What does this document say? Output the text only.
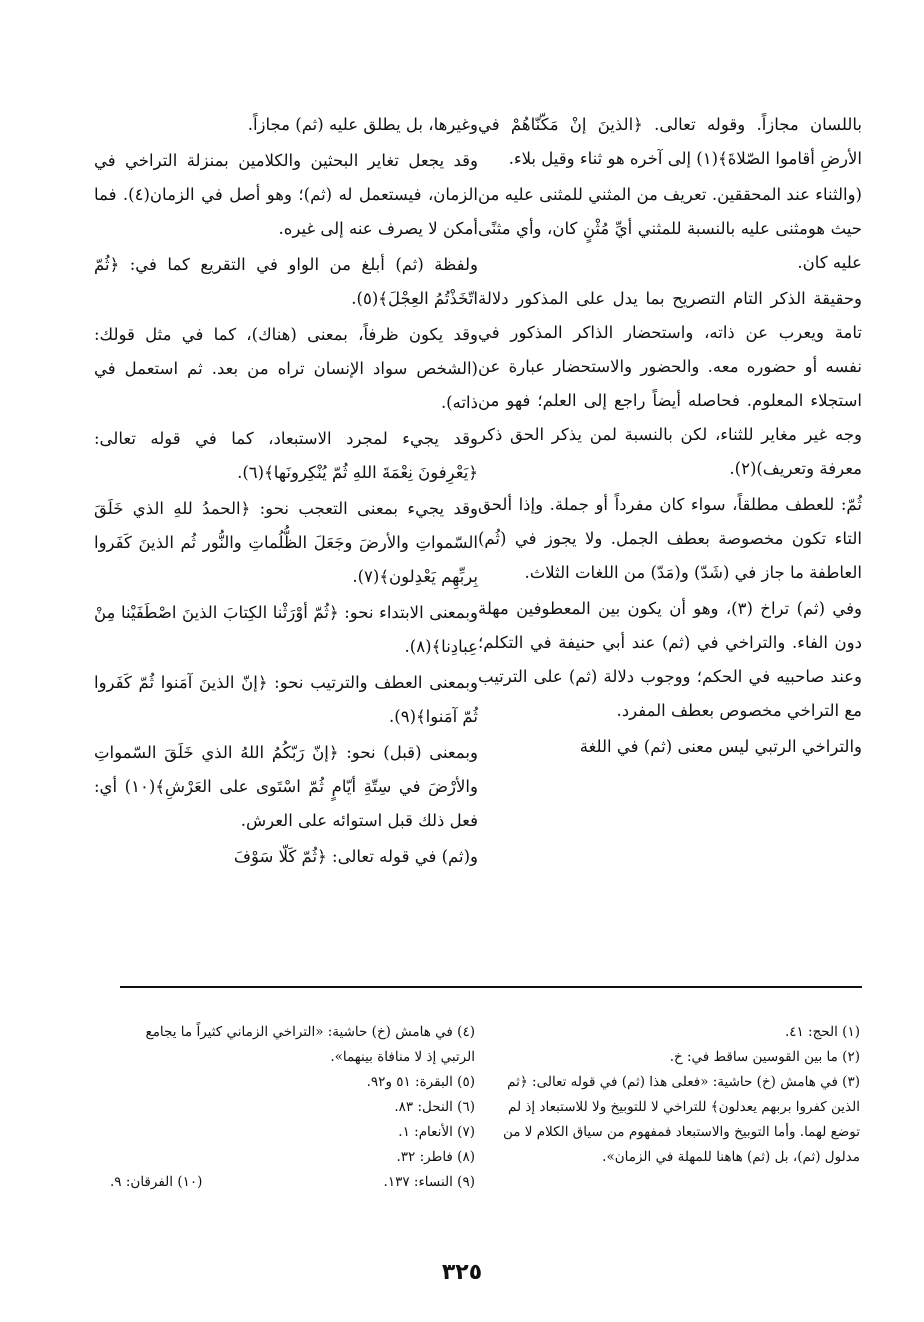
باللسان مجازاً. وقوله تعالى. ﴿الذينَ إنْ مَكّنّاهُمْ في الأرضِ أقاموا الصّلاةَ﴾(١) إلى آخره هو ثناء وقيل بلاء.

(والثناء عند المحققين. تعريف من المثني للمثنى عليه من حيث هومثنى عليه بالنسبة للمثني أيِّ مُثْنٍ كان، وأي مثنًى عليه كان.

وحقيقة الذكر التام التصريح بما يدل على المذكور دلالة تامة ويعرب عن ذاته، واستحضار الذاكر المذكور في نفسه أو حضوره معه. والحضور والاستحضار عبارة عن استجلاء المعلوم. فحاصله أيضاً راجع إلى العلم؛ فهو من وجه غير مغاير للثناء، لكن بالنسبة لمن يذكر الحق ذكر معرفة وتعريف)(٢).

ثُمّ: للعطف مطلقاً، سواء كان مفرداً أو جملة. وإذا ألحق التاء تكون مخصوصة بعطف الجمل. ولا يجوز في (ثُم) العاطفة ما جاز في (شَدّ) و(مَدّ) من اللغات الثلاث.

وفي (ثم) تراخ (٣)، وهو أن يكون بين المعطوفين مهلة دون الفاء. والتراخي في (ثم) عند أبي حنيفة في التكلم؛ وعند صاحبيه في الحكم؛ ووجوب دلالة (ثم) على الترتيب مع التراخي مخصوص بعطف المفرد.

والتراخي الرتبي ليس معنى (ثم) في اللغة

وغيرها، بل يطلق عليه (ثم) مجازاً.

وقد يجعل تغاير البحثين والكلامين بمنزلة التراخي في الزمان، فيستعمل له (ثم)؛ وهو أصل في الزمان(٤). فما أمكن لا يصرف عنه إلى غيره.

ولفظة (ثم) أبلغ من الواو في التقريع كما في: ﴿ثُمّ اتّخَذْتُمُ العِجْلَ﴾(٥).

وقد يكون ظرفاً، بمعنى (هناك)، كما في مثل قولك: (الشخص سواد الإنسان تراه من بعد. ثم استعمل في ذاته).

وقد يجيء لمجرد الاستبعاد، كما في قوله تعالى: ﴿يَعْرِفونَ نِعْمَةَ اللهِ ثُمّ يُنْكِرونَها﴾(٦).

وقد يجيء بمعنى التعجب نحو: ﴿الحمدُ للهِ الذي خَلَقَ السّمواتِ والأرضَ وجَعَلَ الظُّلُماتِ والنُّور ثُم الذينَ كَفَروا بِربِّهِم يَعْدِلون﴾(٧).

وبمعنى الابتداء نحو: ﴿ثُمّ أوْرَثْنا الكِتابَ الذينَ اصْطَفَيْنا مِنْ عِبادِنا﴾(٨).

وبمعنى العطف والترتيب نحو: ﴿إنّ الذينَ آمَنوا ثُمّ كَفَروا ثُمّ آمَنوا﴾(٩).

وبمعنى (قبل) نحو: ﴿إنّ رَبّكُمُ اللهُ الذي خَلَقَ السّمواتِ والأرْضَ في سِتّةِ أيّامٍ ثُمّ اسْتَوى على العَرْشِ﴾(١٠) أي: فعل ذلك قبل استوائه على العرش.

و(ثم) في قوله تعالى: ﴿ثُمّ كَلّا سَوْفَ

(١) الحج: ٤١.
(٢) ما بين القوسين ساقط في: خ.
(٣) في هامش (خ) حاشية: «فعلى هذا (ثم) في قوله تعالى: ﴿ثم الذين كفروا بربهم يعدلون﴾ للتراخي لا للتوبيخ ولا للاستبعاد إذ لم توضع لهما. وأما التوبيخ والاستبعاد فمفهوم من سياق الكلام لا من مدلول (ثم)، بل (ثم) هاهنا للمهلة في الزمان».
(٤) في هامش (خ) حاشية: «التراخي الزماني كثيراً ما يجامع الرتبي إذ لا منافاة بينهما».
(٥) البقرة: ٥١ و٩٢.
(٦) النحل: ٨٣.
(٧) الأنعام: ١.
(٨) فاطر: ٣٢.
(٩) النساء: ١٣٧.
(١٠) الفرقان: ٩.
٣٢٥
